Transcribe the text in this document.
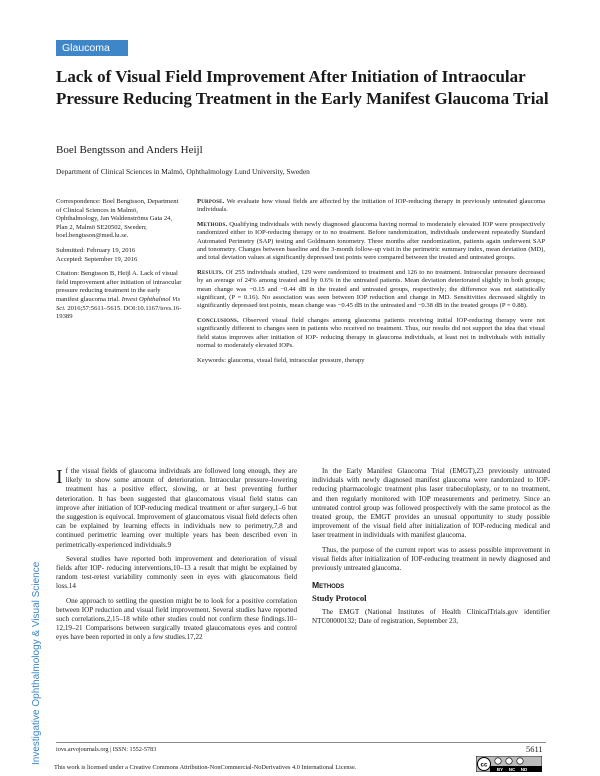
Glaucoma
Lack of Visual Field Improvement After Initiation of Intraocular Pressure Reducing Treatment in the Early Manifest Glaucoma Trial
Boel Bengtsson and Anders Heijl
Department of Clinical Sciences in Malmö, Ophthalmology Lund University, Sweden

Correspondence: Boel Bengtsson, Department of Clinical Sciences in Malmö, Ophthalmology, Jan Waldenströms Gata 24, Plan 2, Malmö SE20502, Sweden; boel.bengtsson@med.lu.se.

Submitted: February 19, 2016

Accepted: September 19, 2016

Citation: Bengtsson B, Heijl A. Lack of visual field improvement after initiation of intraocular pressure reducing treatment in the early manifest glaucoma trial. Invest Ophthalmol Vis Sci. 2016;57:5611–5615. DOI:10.1167/iovs.16-19389

Purpose. We evaluate how visual fields are affected by the initiation of IOP-reducing therapy in previously untreated glaucoma individuals.

Methods. Qualifying individuals with newly diagnosed glaucoma having normal to moderately elevated IOP were prospectively randomized either to IOP-reducing therapy or to no treatment. Before randomization, individuals underwent repeatedly Standard Automated Perimetry (SAP) testing and Goldmann tonometry. Three months after randomization, patients again underwent SAP and tonometry. Changes between baseline and the 3-month follow-up visit in the perimetric summary index, mean deviation (MD), and total deviation values at significantly depressed test points were compared between the treated and untreated groups.

Results. Of 255 individuals studied, 129 were randomized to treatment and 126 to no treatment. Intraocular pressure decreased by an average of 24% among treated and by 0.6% in the untreated patients. Mean deviation deteriorated slightly in both groups; mean change was −0.15 and −0.44 dB in the treated and untreated groups, respectively; the difference was not statistically significant, (P = 0.16). No association was seen between IOP reduction and change in MD. Sensitivities decreased slightly in significantly depressed test points, mean change was −0.45 dB in the untreated and −0.38 dB in the treated groups (P = 0.88).

Conclusions. Observed visual field changes among glaucoma patients receiving initial IOP-reducing therapy were not significantly different to changes seen in patients who received no treatment. Thus, our results did not support the idea that visual field status improves after initiation of IOP- reducing therapy in glaucoma individuals, at least not in individuals with initially normal to moderately elevated IOPs.

Keywords: glaucoma, visual field, intraocular pressure, therapy

Investigative Ophthalmology & Visual Science

If the visual fields of glaucoma individuals are followed long enough, they are likely to show some amount of deterioration. Intraocular pressure–lowering treatment has a positive effect, slowing, or at best preventing further deterioration. It has been suggested that glaucomatous visual field status can improve after initiation of IOP-reducing medical treatment or after surgery,1–6 but the suggestion is equivocal. Improvement of glaucomatous visual field defects often can be explained by learning effects in individuals new to perimetry,7,8 and continued perimetric learning over multiple years has been described even in perimetrically-experienced individuals.9

Several studies have reported both improvement and deterioration of visual fields after IOP- reducing interventions,10–13 a result that might be explained by random test-retest variability commonly seen in eyes with glaucomatous field loss.14

One approach to settling the question might be to look for a positive correlation between IOP reduction and visual field improvement. Several studies have reported such correlations,2,15–18 while other studies could not confirm these findings.10–12,19–21 Comparisons between surgically treated glaucomatous eyes and control eyes have been reported in only a few studies.17,22

In the Early Manifest Glaucoma Trial (EMGT),23 previously untreated individuals with newly diagnosed manifest glaucoma were randomized to IOP-reducing pharmacologic treatment plus laser trabeculoplasty, or to no treatment, and then regularly monitored with IOP measurements and perimetry. Since an untreated control group was followed prospectively with the same protocol as the treated group, the EMGT provides an unusual opportunity to study possible improvement of the visual field after initialization of IOP-reducing medical and laser treatment in individuals with manifest glaucoma.

Thus, the purpose of the current report was to assess possible improvement in visual fields after initialization of IOP-reducing treatment in newly diagnosed and previously untreated glaucoma.

Methods
Study Protocol

The EMGT (National Institutes of Health ClinicalTrials.gov identifier NTC00000132; Date of registration, September 23,

iovs.arvojournals.org | ISSN: 1552-5783	5611
This work is licensed under a Creative Commons Attribution-NonCommercial-NoDerivatives 4.0 International License.	cc
BY NC ND
